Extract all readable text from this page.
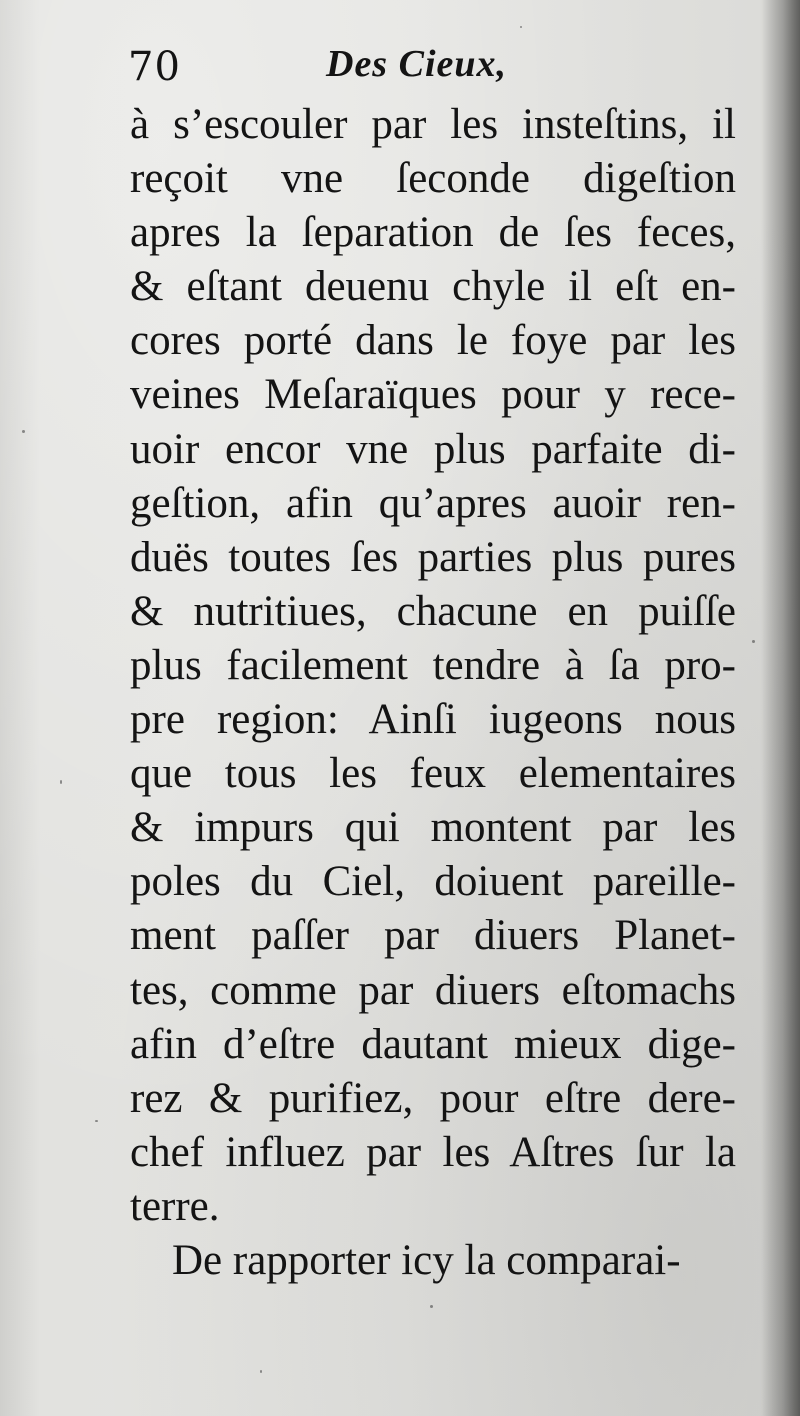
70	Des Cieux,
à s’escouler par les insteſtins, il
reçoit vne ſeconde digeſtion
apres la ſeparation de ſes feces,
& eſtant deuenu chyle il eſt en-
cores porté dans le foye par les
veines Meſaraïques pour y rece-
uoir encor vne plus parfaite di-
geſtion, afin qu’apres auoir ren-
duës toutes ſes parties plus pures
& nutritiues, chacune en puiſſe
plus facilement tendre à ſa pro-
pre region: Ainſi iugeons nous
que tous les feux elementaires
& impurs qui montent par les
poles du Ciel, doiuent pareille-
ment paſſer par diuers Planet-
tes, comme par diuers eſtomachs
afin d’eſtre dautant mieux dige-
rez & purifiez, pour eſtre dere-
chef influez par les Aſtres ſur la
terre.
De rapporter icy la comparai-
